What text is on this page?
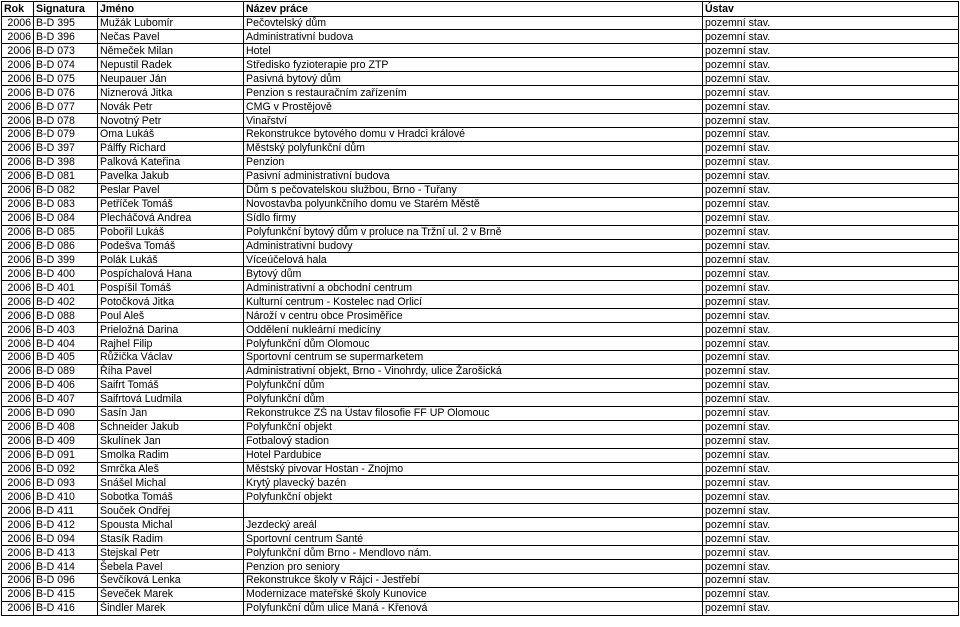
Rok	Signatura	Jméno	Název práce	Ústav
2006	B-D 395	Mužák Lubomír	Pečovtelský dům	pozemní stav.
2006	B-D 396	Nečas Pavel	Administrativní budova	pozemní stav.
2006	B-D 073	Němeček Milan	Hotel	pozemní stav.
2006	B-D 074	Nepustil Radek	Středisko fyzioterapie pro ZTP	pozemní stav.
2006	B-D 075	Neupauer Ján	Pasivná bytový dům	pozemní stav.
2006	B-D 076	Niznerová Jitka	Penzion s restauračním zařízením	pozemní stav.
2006	B-D 077	Novák Petr	CMG v Prostějově	pozemní stav.
2006	B-D 078	Novotný Petr	Vinařství	pozemní stav.
2006	B-D 079	Oma Lukáš	Rekonstrukce bytového domu v Hradci králové	pozemní stav.
2006	B-D 397	Pálffy Richard	Městský polyfunkční dům	pozemní stav.
2006	B-D 398	Palková Kateřina	Penzion	pozemní stav.
2006	B-D 081	Pavelka Jakub	Pasivní administrativní budova	pozemní stav.
2006	B-D 082	Peslar Pavel	Dům s pečovatelskou službou, Brno - Tuřany	pozemní stav.
2006	B-D 083	Petříček Tomáš	Novostavba polyunkčního domu ve Starém Městě	pozemní stav.
2006	B-D 084	Plecháčová Andrea	Sídlo firmy	pozemní stav.
2006	B-D 085	Pobořil Lukáš	Polyfunkční bytový dům v proluce na Tržní ul. 2 v Brně	pozemní stav.
2006	B-D 086	Podešva Tomáš	Administrativní budovy	pozemní stav.
2006	B-D 399	Polák Lukáš	Víceúčelová hala	pozemní stav.
2006	B-D 400	Pospíchalová Hana	Bytový dům	pozemní stav.
2006	B-D 401	Pospíšil Tomáš	Administrativní a obchodní centrum	pozemní stav.
2006	B-D 402	Potočková Jitka	Kulturní centrum - Kostelec nad Orlicí	pozemní stav.
2006	B-D 088	Poul Aleš	Nároží v centru obce Prosiměřice	pozemní stav.
2006	B-D 403	Prieložná Darina	Oddělení nukleární medicíny	pozemní stav.
2006	B-D 404	Rajhel Filip	Polyfunkční dům Olomouc	pozemní stav.
2006	B-D 405	Růžička Václav	Sportovní centrum se supermarketem	pozemní stav.
2006	B-D 089	Říha Pavel	Administrativní objekt, Brno - Vinohrdy, ulice Žarošická	pozemní stav.
2006	B-D 406	Saifrt Tomáš	Polyfunkční dům	pozemní stav.
2006	B-D 407	Saifrtová Ludmila	Polyfunkční dům	pozemní stav.
2006	B-D 090	Sasín Jan	Rekonstrukce ZŠ na Ústav filosofie FF UP Olomouc	pozemní stav.
2006	B-D 408	Schneider Jakub	Polyfunkční objekt	pozemní stav.
2006	B-D 409	Skulínek Jan	Fotbalový stadion	pozemní stav.
2006	B-D 091	Smolka Radim	Hotel Pardubice	pozemní stav.
2006	B-D 092	Smrčka Aleš	Městský pivovar Hostan - Znojmo	pozemní stav.
2006	B-D 093	Snášel Michal	Krytý plavecký bazén	pozemní stav.
2006	B-D 410	Sobotka Tomáš	Polyfunkční objekt	pozemní stav.
2006	B-D 411	Souček Ondřej		pozemní stav.
2006	B-D 412	Spousta Michal	Jezdecký areál	pozemní stav.
2006	B-D 094	Stasík Radim	Sportovní centrum Santé	pozemní stav.
2006	B-D 413	Stejskal Petr	Polyfunkční dům Brno - Mendlovo nám.	pozemní stav.
2006	B-D 414	Šebela Pavel	Penzion pro seniory	pozemní stav.
2006	B-D 096	Ševčíková Lenka	Rekonstrukce školy v Rájci - Jestřebí	pozemní stav.
2006	B-D 415	Ševeček Marek	Modernizace mateřské školy Kunovice	pozemní stav.
2006	B-D 416	Šindler Marek	Polyfunkční dům ulice Maná - Křenová	pozemní stav.
